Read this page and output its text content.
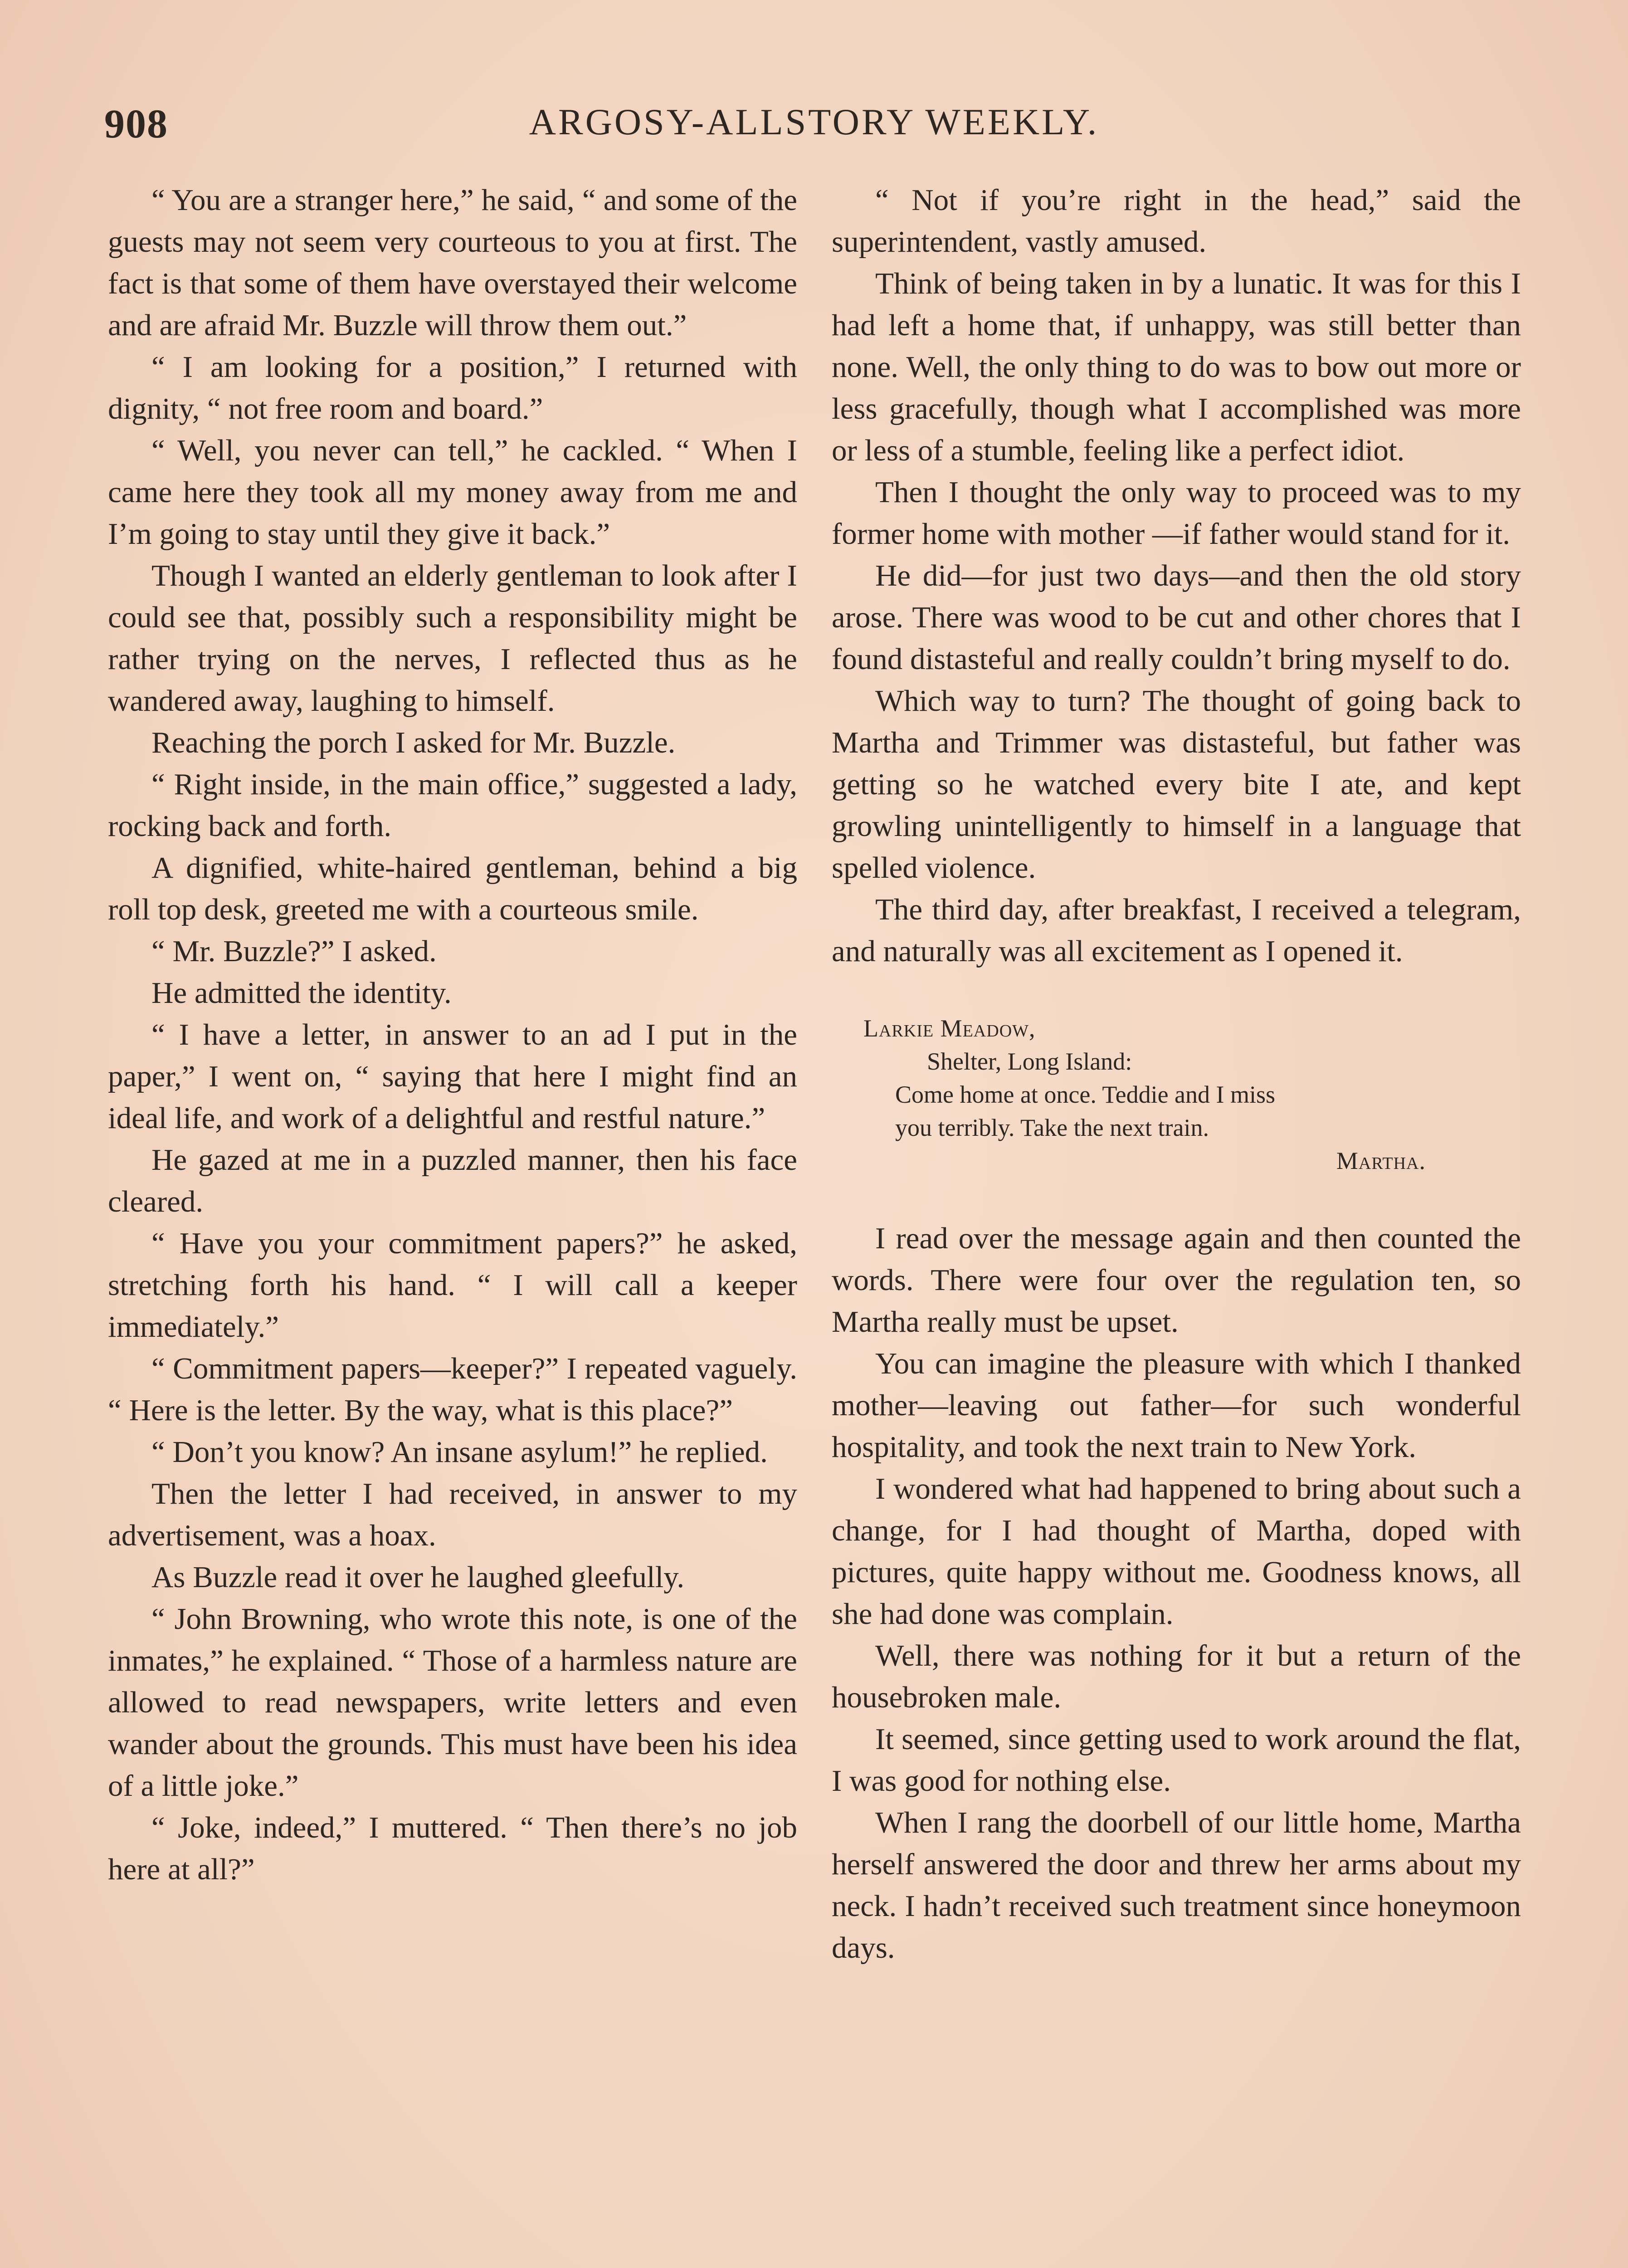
908	ARGOSY-ALLSTORY WEEKLY.

“ You are a stranger here,” he said, “ and some of the guests may not seem very courteous to you at first. The fact is that some of them have overstayed their welcome and are afraid Mr. Buzzle will throw them out.”

“ I am looking for a position,” I returned with dignity, “ not free room and board.”

“ Well, you never can tell,” he cackled. “ When I came here they took all my money away from me and I’m going to stay until they give it back.”

Though I wanted an elderly gentleman to look after I could see that, possibly such a responsibility might be rather trying on the nerves, I reflected thus as he wandered away, laughing to himself.

Reaching the porch I asked for Mr. Buzzle.

“ Right inside, in the main office,” suggested a lady, rocking back and forth.

A dignified, white-haired gentleman, behind a big roll top desk, greeted me with a courteous smile.

“ Mr. Buzzle?” I asked.

He admitted the identity.

“ I have a letter, in answer to an ad I put in the paper,” I went on, “ saying that here I might find an ideal life, and work of a delightful and restful nature.”

He gazed at me in a puzzled manner, then his face cleared.

“ Have you your commitment papers?” he asked, stretching forth his hand. “ I will call a keeper immediately.”

“ Commitment papers—keeper?” I repeated vaguely. “ Here is the letter. By the way, what is this place?”

“ Don’t you know? An insane asylum!” he replied.

Then the letter I had received, in answer to my advertisement, was a hoax.

As Buzzle read it over he laughed gleefully.

“ John Browning, who wrote this note, is one of the inmates,” he explained. “ Those of a harmless nature are allowed to read newspapers, write letters and even wander about the grounds. This must have been his idea of a little joke.”

“ Joke, indeed,” I muttered. “ Then there’s no job here at all?”

“ Not if you’re right in the head,” said the superintendent, vastly amused.

Think of being taken in by a lunatic. It was for this I had left a home that, if unhappy, was still better than none. Well, the only thing to do was to bow out more or less gracefully, though what I accomplished was more or less of a stumble, feeling like a perfect idiot.

Then I thought the only way to proceed was to my former home with mother —if father would stand for it.

He did—for just two days—and then the old story arose. There was wood to be cut and other chores that I found distasteful and really couldn’t bring myself to do.

Which way to turn? The thought of going back to Martha and Trimmer was distasteful, but father was getting so he watched every bite I ate, and kept growling unintelligently to himself in a language that spelled violence.

The third day, after breakfast, I received a telegram, and naturally was all excitement as I opened it.

Larkie Meadow,
Shelter, Long Island:
Come home at once. Teddie and I miss
you terribly. Take the next train.
Martha.

I read over the message again and then counted the words. There were four over the regulation ten, so Martha really must be upset.

You can imagine the pleasure with which I thanked mother—leaving out father—for such wonderful hospitality, and took the next train to New York.

I wondered what had happened to bring about such a change, for I had thought of Martha, doped with pictures, quite happy without me. Goodness knows, all she had done was complain.

Well, there was nothing for it but a return of the housebroken male.

It seemed, since getting used to work around the flat, I was good for nothing else.

When I rang the doorbell of our little home, Martha herself answered the door and threw her arms about my neck. I hadn’t received such treatment since honeymoon days.
